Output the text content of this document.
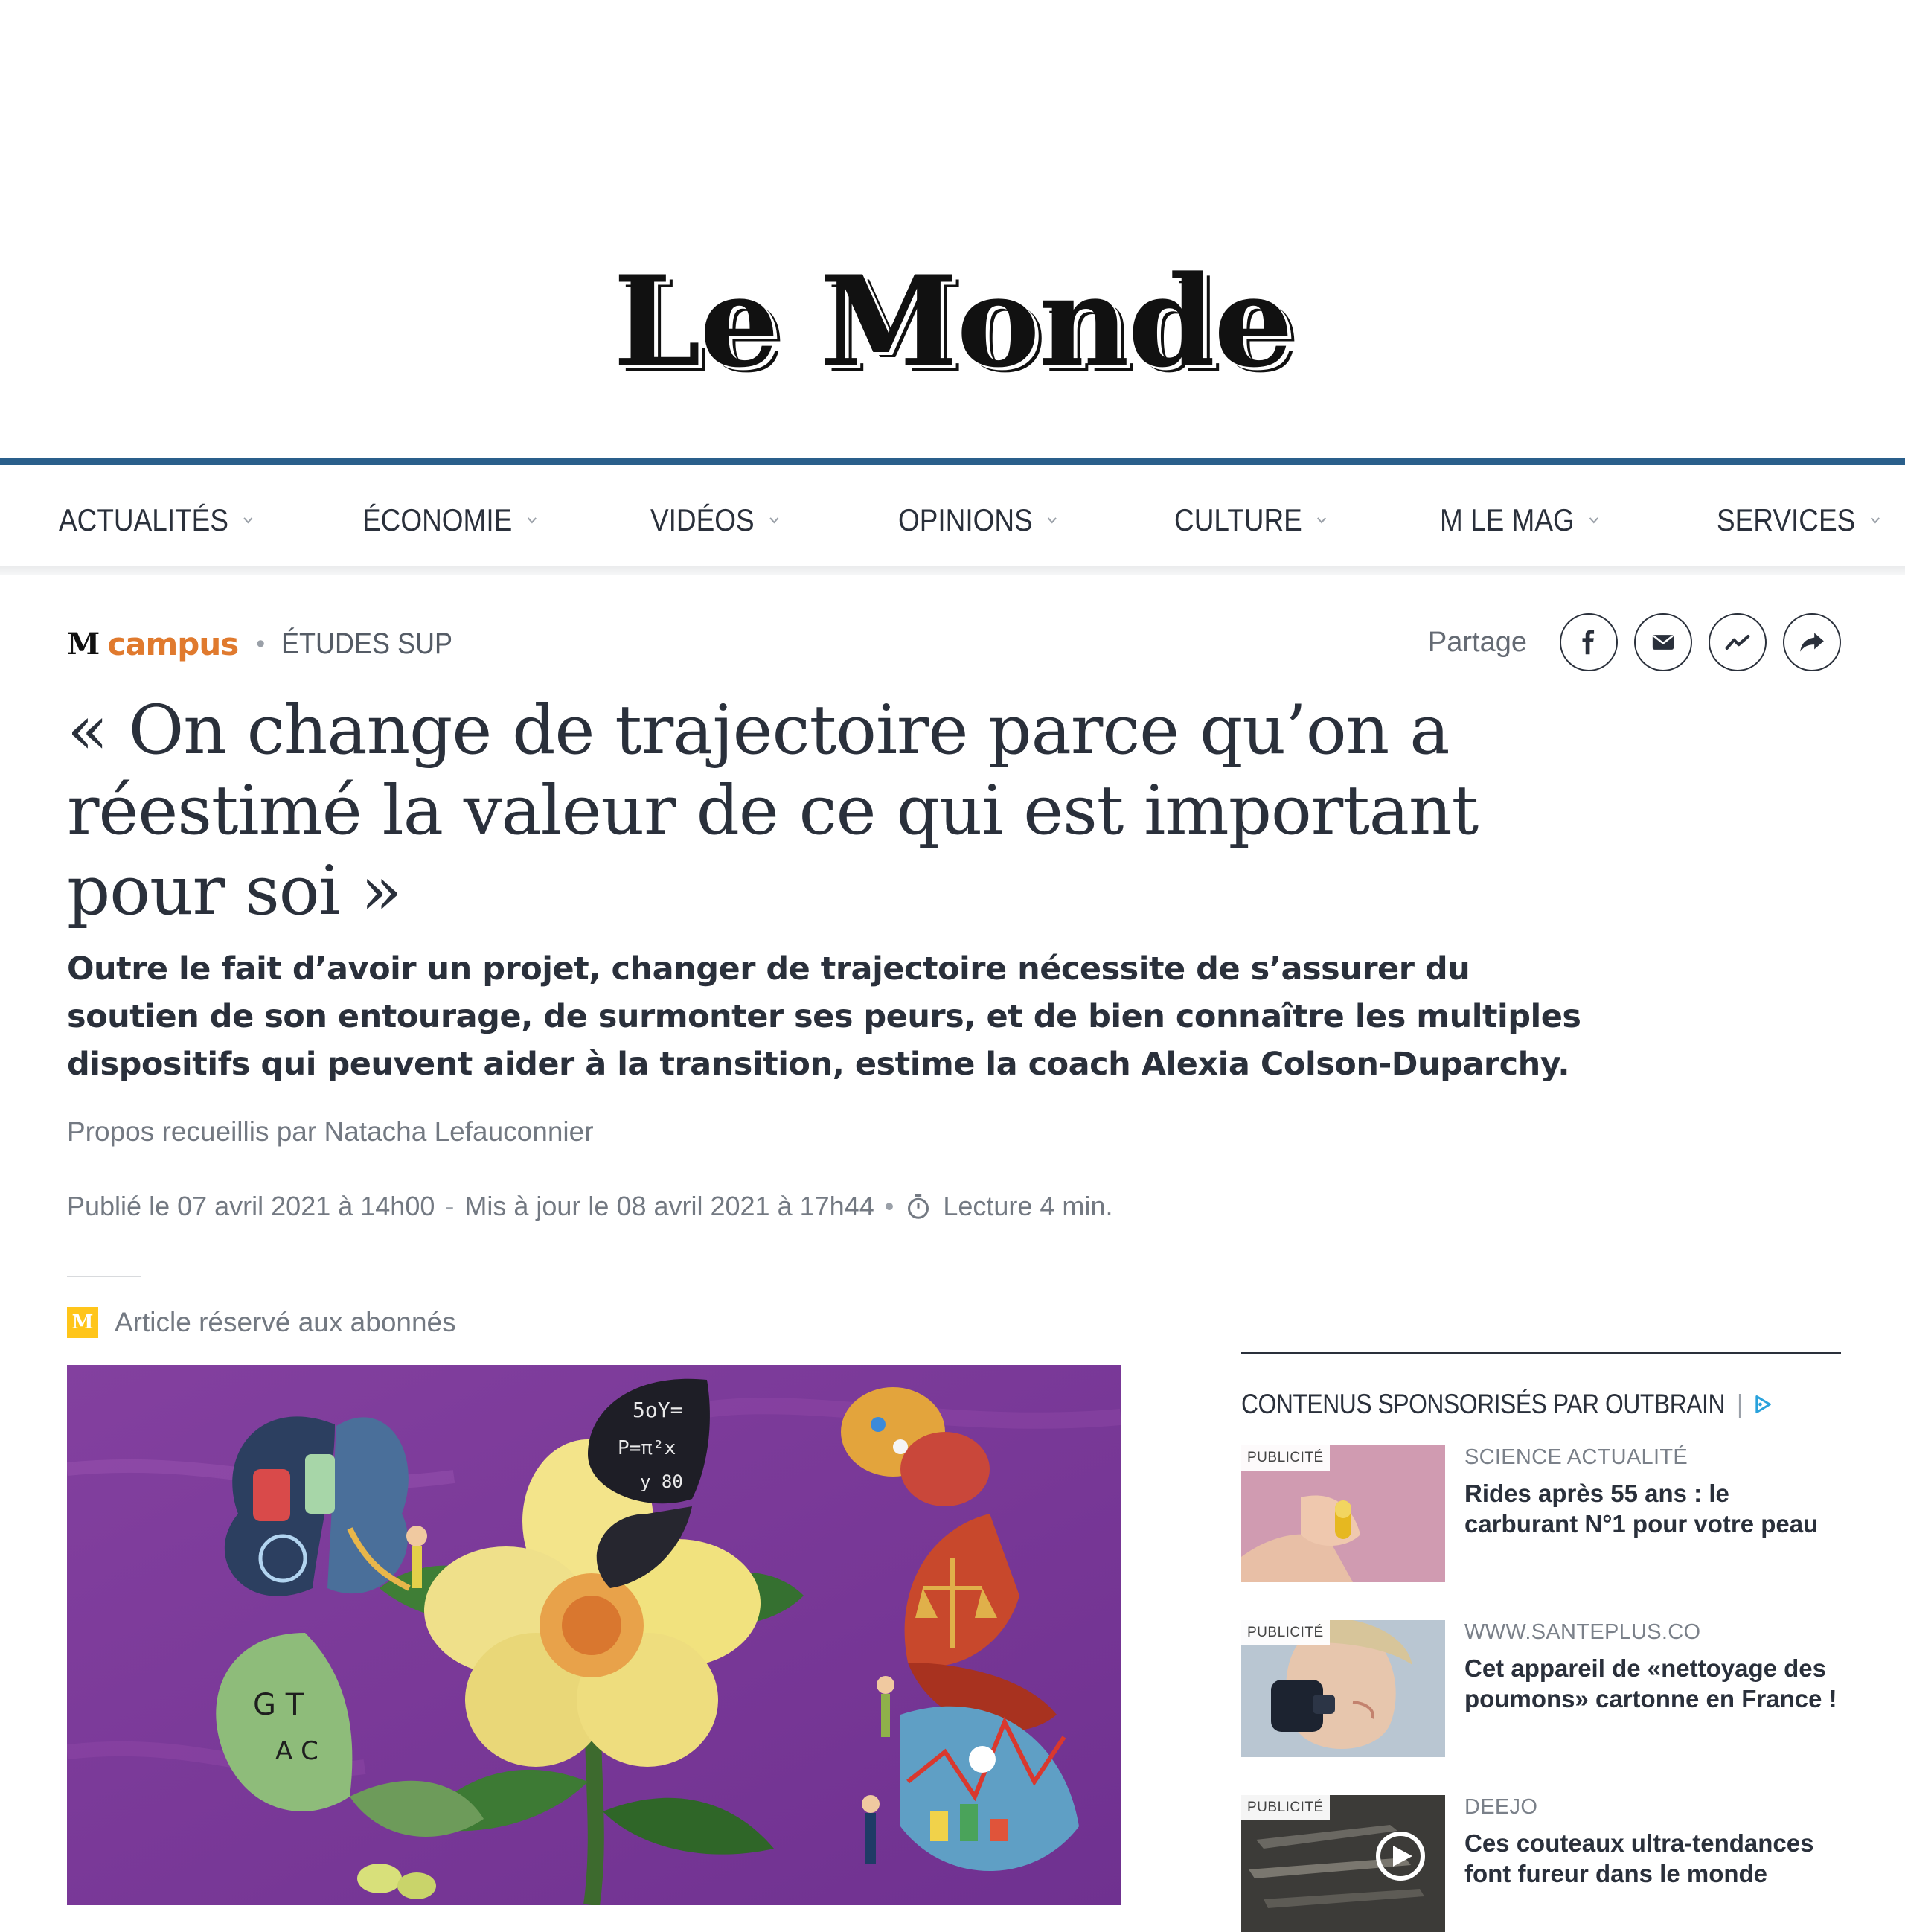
Le Monde
ACTUALITÉS	ÉCONOMIE	VIDÉOS	OPINIONS	CULTURE	M LE MAG	SERVICES
M campus • ÉTUDES SUP	Partage
« On change de trajectoire parce qu’on a réestimé la valeur de ce qui est important pour soi »

Outre le fait d’avoir un projet, changer de trajectoire nécessite de s’assurer du soutien de son entourage, de surmonter ses peurs, et de bien connaître les multiples dispositifs qui peuvent aider à la transition, estime la coach Alexia Colson-Duparchy.

Propos recueillis par Natacha Lefauconnier
Publié le 07 avril 2021 à 14h00 - Mis à jour le 08 avril 2021 à 17h44 • Lecture 4 min.
M Article réservé aux abonnés
5oY=
P=π²x
y 80
G T
A C
CONTENUS SPONSORISÉS PAR OUTBRAIN |
PUBLICITÉ	SCIENCE ACTUALITÉ
Rides après 55 ans : le carburant N°1 pour votre peau
PUBLICITÉ	WWW.SANTEPLUS.CO
Cet appareil de «nettoyage des poumons» cartonne en France !
PUBLICITÉ	DEEJO
Ces couteaux ultra-tendances font fureur dans le monde
